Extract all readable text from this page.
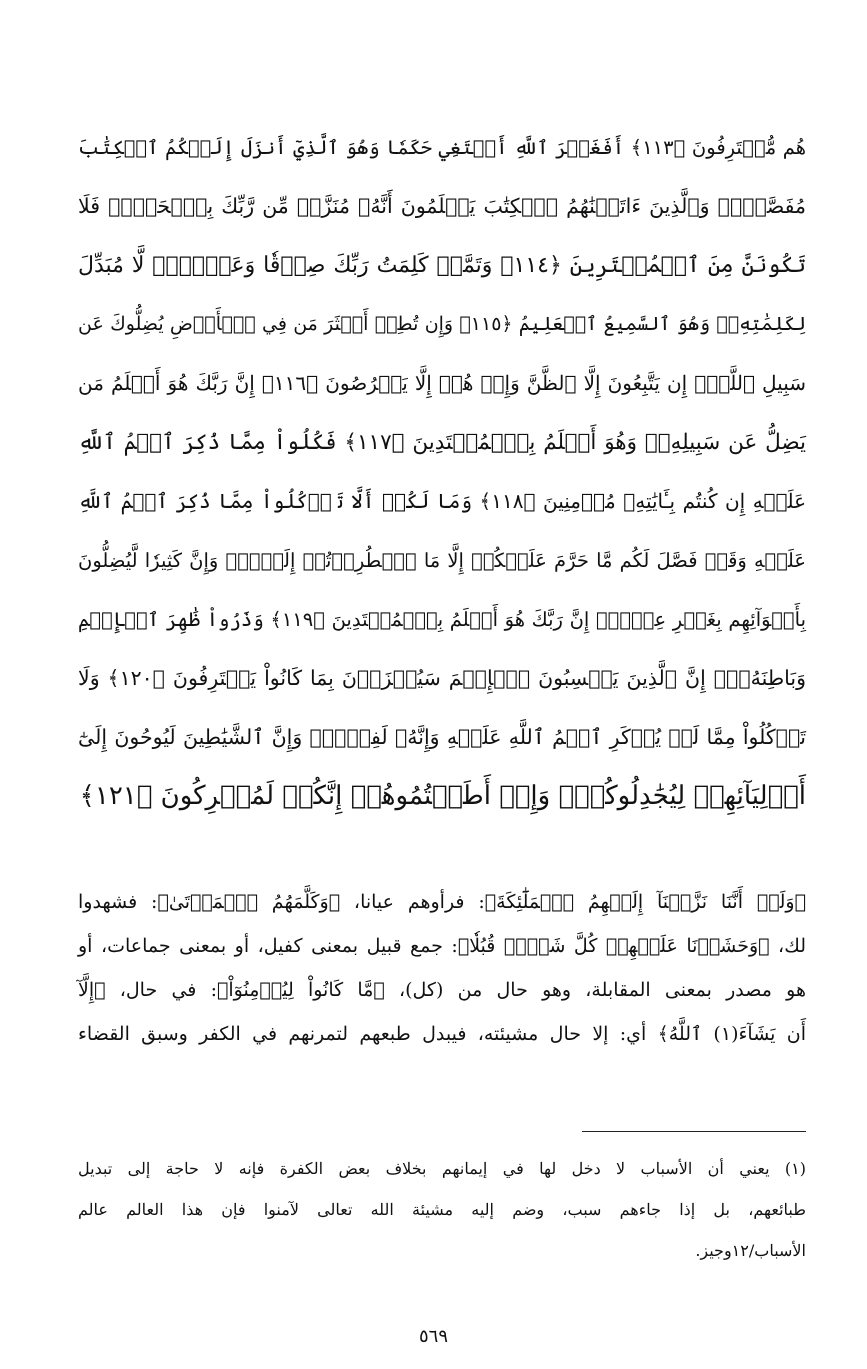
هُم مُّقۡتَرِفُونَ ﴿١١٣﴾ أَفَغَيۡرَ ٱللَّهِ أَبۡتَغِي حَكَمٗا وَهُوَ ٱلَّذِيٓ أَنزَلَ إِلَيۡكُمُ ٱلۡكِتَٰبَ
مُفَصَّلٗاۚ وَٱلَّذِينَ ءَاتَيۡنَٰهُمُ ٱلۡكِتَٰبَ يَعۡلَمُونَ أَنَّهُۥ مُنَزَّلٞ مِّن رَّبِّكَ بِٱلۡحَقِّۖ فَلَا
تَكُونَنَّ مِنَ ٱلۡمُمۡتَرِينَ ﴿١١٤﴾ وَتَمَّتۡ كَلِمَتُ رَبِّكَ صِدۡقٗا وَعَدۡلٗاۚ لَّا مُبَدِّلَ
لِكَلِمَٰتِهِۦۚ وَهُوَ ٱلسَّمِيعُ ٱلۡعَلِيمُ ﴿١١٥﴾ وَإِن تُطِعۡ أَكۡثَرَ مَن فِي ٱلۡأَرۡضِ يُضِلُّوكَ عَن
سَبِيلِ ٱللَّهِۚ إِن يَتَّبِعُونَ إِلَّا ٱلظَّنَّ وَإِنۡ هُمۡ إِلَّا يَخۡرُصُونَ ﴿١١٦﴾ إِنَّ رَبَّكَ هُوَ أَعۡلَمُ مَن
يَضِلُّ عَن سَبِيلِهِۦۖ وَهُوَ أَعۡلَمُ بِٱلۡمُهۡتَدِينَ ﴿١١٧﴾ فَكُلُواْ مِمَّا ذُكِرَ ٱسۡمُ ٱللَّهِ
عَلَيۡهِ إِن كُنتُم بِـَٔايَٰتِهِۦ مُؤۡمِنِينَ ﴿١١٨﴾ وَمَا لَكُمۡ أَلَّا تَأۡكُلُواْ مِمَّا ذُكِرَ ٱسۡمُ ٱللَّهِ
عَلَيۡهِ وَقَدۡ فَصَّلَ لَكُم مَّا حَرَّمَ عَلَيۡكُمۡ إِلَّا مَا ٱضۡطُرِرۡتُمۡ إِلَيۡهِۗ وَإِنَّ كَثِيرٗا لَّيُضِلُّونَ
بِأَهۡوَآئِهِم بِغَيۡرِ عِلۡمٍۚ إِنَّ رَبَّكَ هُوَ أَعۡلَمُ بِٱلۡمُعۡتَدِينَ ﴿١١٩﴾ وَذَرُواْ ظَٰهِرَ ٱلۡإِثۡمِ
وَبَاطِنَهُۥٓۚ إِنَّ ٱلَّذِينَ يَكۡسِبُونَ ٱلۡإِثۡمَ سَيُجۡزَوۡنَ بِمَا كَانُواْ يَقۡتَرِفُونَ ﴿١٢٠﴾ وَلَا
تَأۡكُلُواْ مِمَّا لَمۡ يُذۡكَرِ ٱسۡمُ ٱللَّهِ عَلَيۡهِ وَإِنَّهُۥ لَفِسۡقٞۗ وَإِنَّ ٱلشَّيَٰطِينَ لَيُوحُونَ إِلَىٰٓ
أَوۡلِيَآئِهِمۡ لِيُجَٰدِلُوكُمۡۖ وَإِنۡ أَطَعۡتُمُوهُمۡ إِنَّكُمۡ لَمُشۡرِكُونَ ﴿١٢١﴾
﴿وَلَوۡ أَنَّنَا نَزَّلۡنَآ إِلَيۡهِمُ ٱلۡمَلَٰٓئِكَةَ﴾: فرأوهم عيانا، ﴿وَكَلَّمَهُمُ ٱلۡمَوۡتَىٰ﴾: فشهدوا
لك، ﴿وَحَشَرۡنَا عَلَيۡهِمۡ كُلَّ شَيۡءٖ قُبُلٗا﴾: جمع قبيل بمعنى كفيل، أو بمعنى جماعات، أو
هو مصدر بمعنى المقابلة، وهو حال من (كل)، ﴿مَّا كَانُواْ لِيُؤۡمِنُوٓاْ﴾: في حال، ﴿إِلَّآ
أَن يَشَآءَ(١) ٱللَّهُ﴾ أي: إلا حال مشيئته، فيبدل طبعهم لتمرنهم في الكفر وسبق القضاء
(١) يعني أن الأسباب لا دخل لها في إيمانهم بخلاف بعض الكفرة فإنه لا حاجة إلى تبديل
طبائعهم، بل إذا جاءهم سبب، وضم إليه مشيئة الله تعالى لآمنوا فإن هذا العالم عالم
الأسباب/١٢وجيز.
٥٦٩
